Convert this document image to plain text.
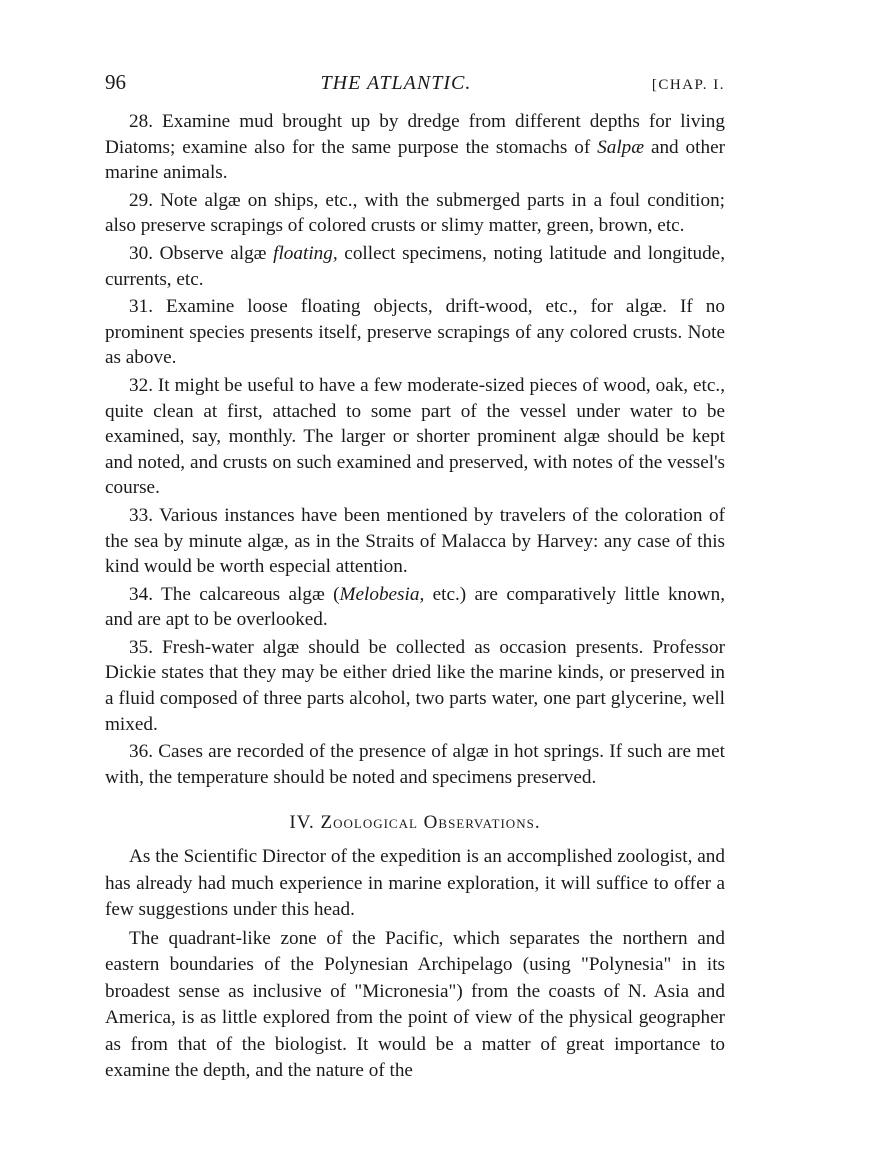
96	THE ATLANTIC.	[CHAP. I.

28. Examine mud brought up by dredge from different depths for living Diatoms; examine also for the same purpose the stomachs of Salpæ and other marine animals.

29. Note algæ on ships, etc., with the submerged parts in a foul condition; also preserve scrapings of colored crusts or slimy matter, green, brown, etc.

30. Observe algæ floating, collect specimens, noting latitude and longitude, currents, etc.

31. Examine loose floating objects, drift-wood, etc., for algæ. If no prominent species presents itself, preserve scrapings of any colored crusts. Note as above.

32. It might be useful to have a few moderate-sized pieces of wood, oak, etc., quite clean at first, attached to some part of the vessel under water to be examined, say, monthly. The larger or shorter prominent algæ should be kept and noted, and crusts on such examined and preserved, with notes of the vessel's course.

33. Various instances have been mentioned by travelers of the coloration of the sea by minute algæ, as in the Straits of Malacca by Harvey: any case of this kind would be worth especial attention.

34. The calcareous algæ (Melobesia, etc.) are comparatively little known, and are apt to be overlooked.

35. Fresh-water algæ should be collected as occasion presents. Professor Dickie states that they may be either dried like the marine kinds, or preserved in a fluid composed of three parts alcohol, two parts water, one part glycerine, well mixed.

36. Cases are recorded of the presence of algæ in hot springs. If such are met with, the temperature should be noted and specimens preserved.

IV. Zoological Observations.

As the Scientific Director of the expedition is an accomplished zoologist, and has already had much experience in marine exploration, it will suffice to offer a few suggestions under this head.

The quadrant-like zone of the Pacific, which separates the northern and eastern boundaries of the Polynesian Archipelago (using "Polynesia" in its broadest sense as inclusive of "Micronesia") from the coasts of N. Asia and America, is as little explored from the point of view of the physical geographer as from that of the biologist. It would be a matter of great importance to examine the depth, and the nature of the
